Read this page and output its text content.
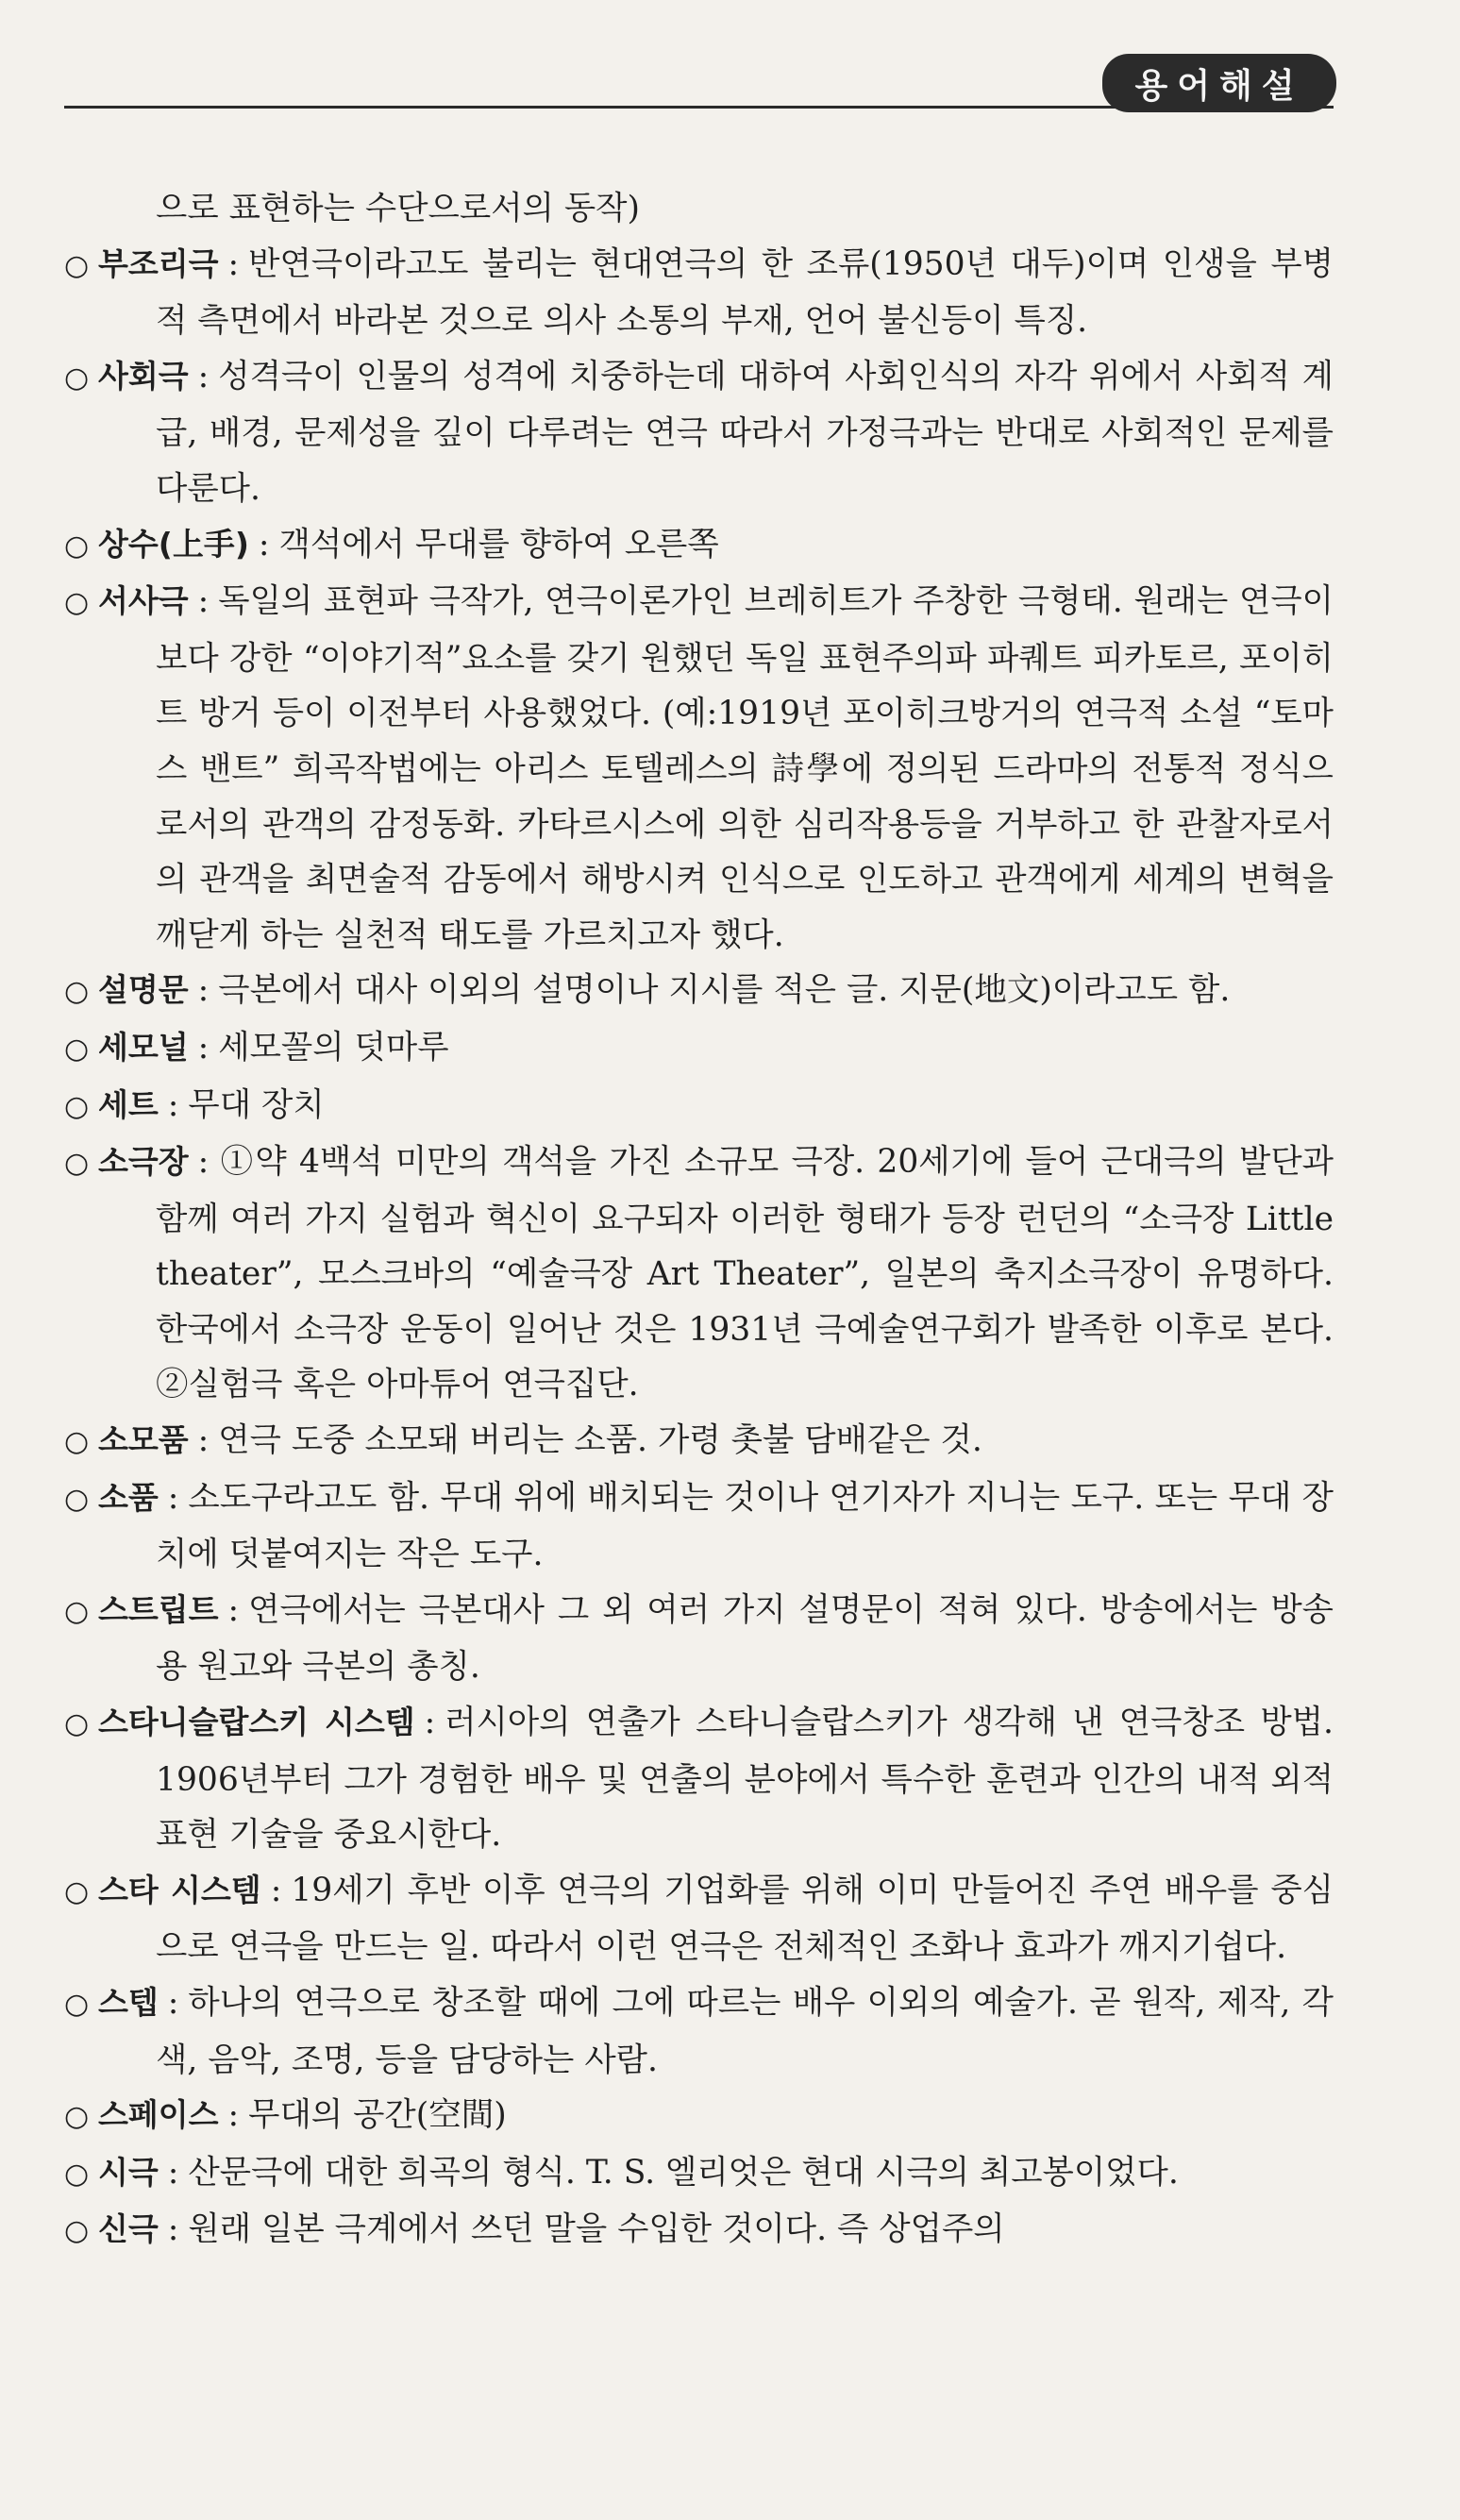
용어해설

으로 표현하는 수단으로서의 동작)

○ 부조리극 : 반연극이라고도 불리는 현대연극의 한 조류(1950년 대두)이며 인생을 부병적 측면에서 바라본 것으로 의사 소통의 부재, 언어 불신등이 특징.

○ 사회극 : 성격극이 인물의 성격에 치중하는데 대하여 사회인식의 자각 위에서 사회적 계급, 배경, 문제성을 깊이 다루려는 연극 따라서 가정극과는 반대로 사회적인 문제를 다룬다.

○ 상수(上手) : 객석에서 무대를 향하여 오른쪽

○ 서사극 : 독일의 표현파 극작가, 연극이론가인 브레히트가 주창한 극형태. 원래는 연극이 보다 강한 “이야기적”요소를 갖기 원했던 독일 표현주의파 파퀘트 피카토르, 포이히트 방거 등이 이전부터 사용했었다. (예:1919년 포이히크방거의 연극적 소설 “토마스 밴트” 희곡작법에는 아리스 토텔레스의 詩學에 정의된 드라마의 전통적 정식으로서의 관객의 감정동화. 카타르시스에 의한 심리작용등을 거부하고 한 관찰자로서의 관객을 최면술적 감동에서 해방시켜 인식으로 인도하고 관객에게 세계의 변혁을 깨닫게 하는 실천적 태도를 가르치고자 했다.

○ 설명문 : 극본에서 대사 이외의 설명이나 지시를 적은 글. 지문(地文)이라고도 함.

○ 세모널 : 세모꼴의 덧마루

○ 세트 : 무대 장치

○ 소극장 : ①약 4백석 미만의 객석을 가진 소규모 극장. 20세기에 들어 근대극의 발단과 함께 여러 가지 실험과 혁신이 요구되자 이러한 형태가 등장 런던의 “소극장 Little theater”, 모스크바의 “예술극장 Art Theater”, 일본의 축지소극장이 유명하다. 한국에서 소극장 운동이 일어난 것은 1931년 극예술연구회가 발족한 이후로 본다. ②실험극 혹은 아마튜어 연극집단.

○ 소모품 : 연극 도중 소모돼 버리는 소품. 가령 촛불 담배같은 것.

○ 소품 : 소도구라고도 함. 무대 위에 배치되는 것이나 연기자가 지니는 도구. 또는 무대 장치에 덧붙여지는 작은 도구.

○ 스트립트 : 연극에서는 극본대사 그 외 여러 가지 설명문이 적혀 있다. 방송에서는 방송용 원고와 극본의 총칭.

○ 스타니슬랍스키 시스템 : 러시아의 연출가 스타니슬랍스키가 생각해 낸 연극창조 방법. 1906년부터 그가 경험한 배우 및 연출의 분야에서 특수한 훈련과 인간의 내적 외적 표현 기술을 중요시한다.

○ 스타 시스템 : 19세기 후반 이후 연극의 기업화를 위해 이미 만들어진 주연 배우를 중심으로 연극을 만드는 일. 따라서 이런 연극은 전체적인 조화나 효과가 깨지기쉽다.

○ 스텝 : 하나의 연극으로 창조할 때에 그에 따르는 배우 이외의 예술가. 곧 원작, 제작, 각색, 음악, 조명, 등을 담당하는 사람.

○ 스페이스 : 무대의 공간(空間)

○ 시극 : 산문극에 대한 희곡의 형식. T. S. 엘리엇은 현대 시극의 최고봉이었다.

○ 신극 : 원래 일본 극계에서 쓰던 말을 수입한 것이다. 즉 상업주의
